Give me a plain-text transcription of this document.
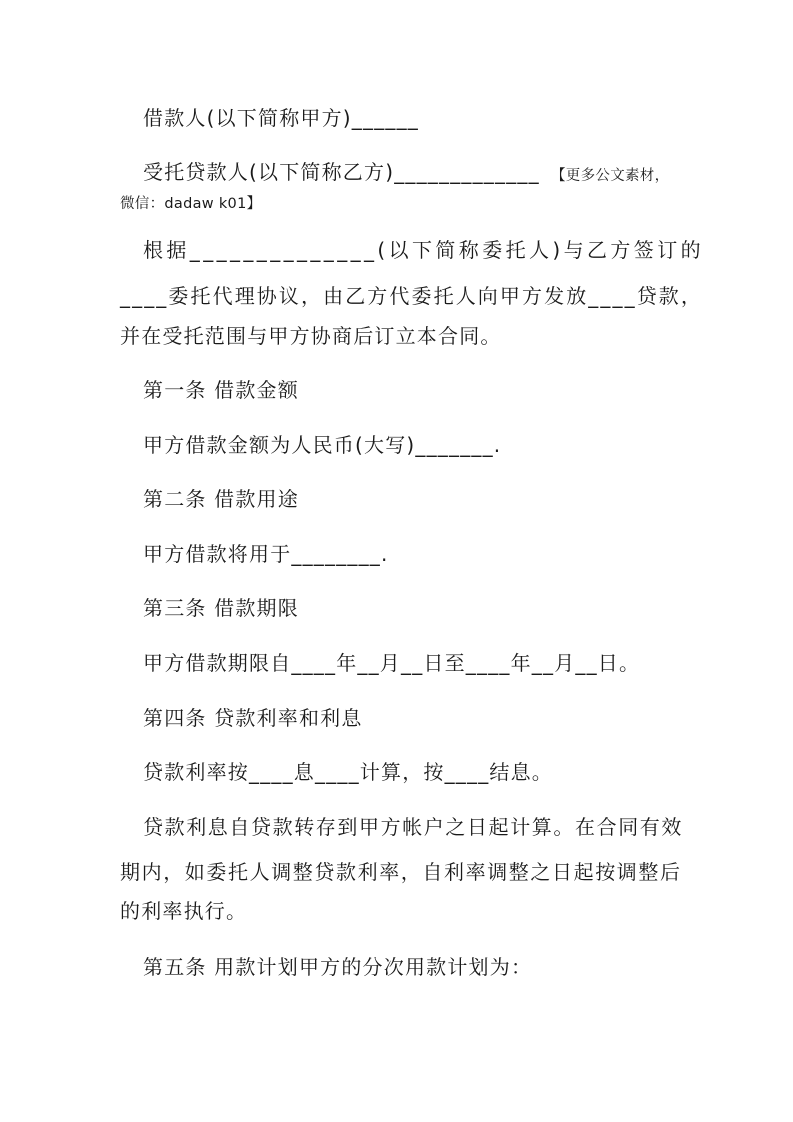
借款人(以下简称甲方)______
受托贷款人(以下简称乙方)_____________ 【更多公文素材，
微信：dadaw k01】
根据______________(以下简称委托人)与乙方签订的
____委托代理协议，由乙方代委托人向甲方发放____贷款，
并在受托范围与甲方协商后订立本合同。
第一条 借款金额
甲方借款金额为人民币(大写)_______.
第二条 借款用途
甲方借款将用于________.
第三条 借款期限
甲方借款期限自____年__月__日至____年__月__日。
第四条 贷款利率和利息
贷款利率按____息____计算，按____结息。
贷款利息自贷款转存到甲方帐户之日起计算。在合同有效
期内，如委托人调整贷款利率，自利率调整之日起按调整后
的利率执行。
第五条 用款计划甲方的分次用款计划为：
